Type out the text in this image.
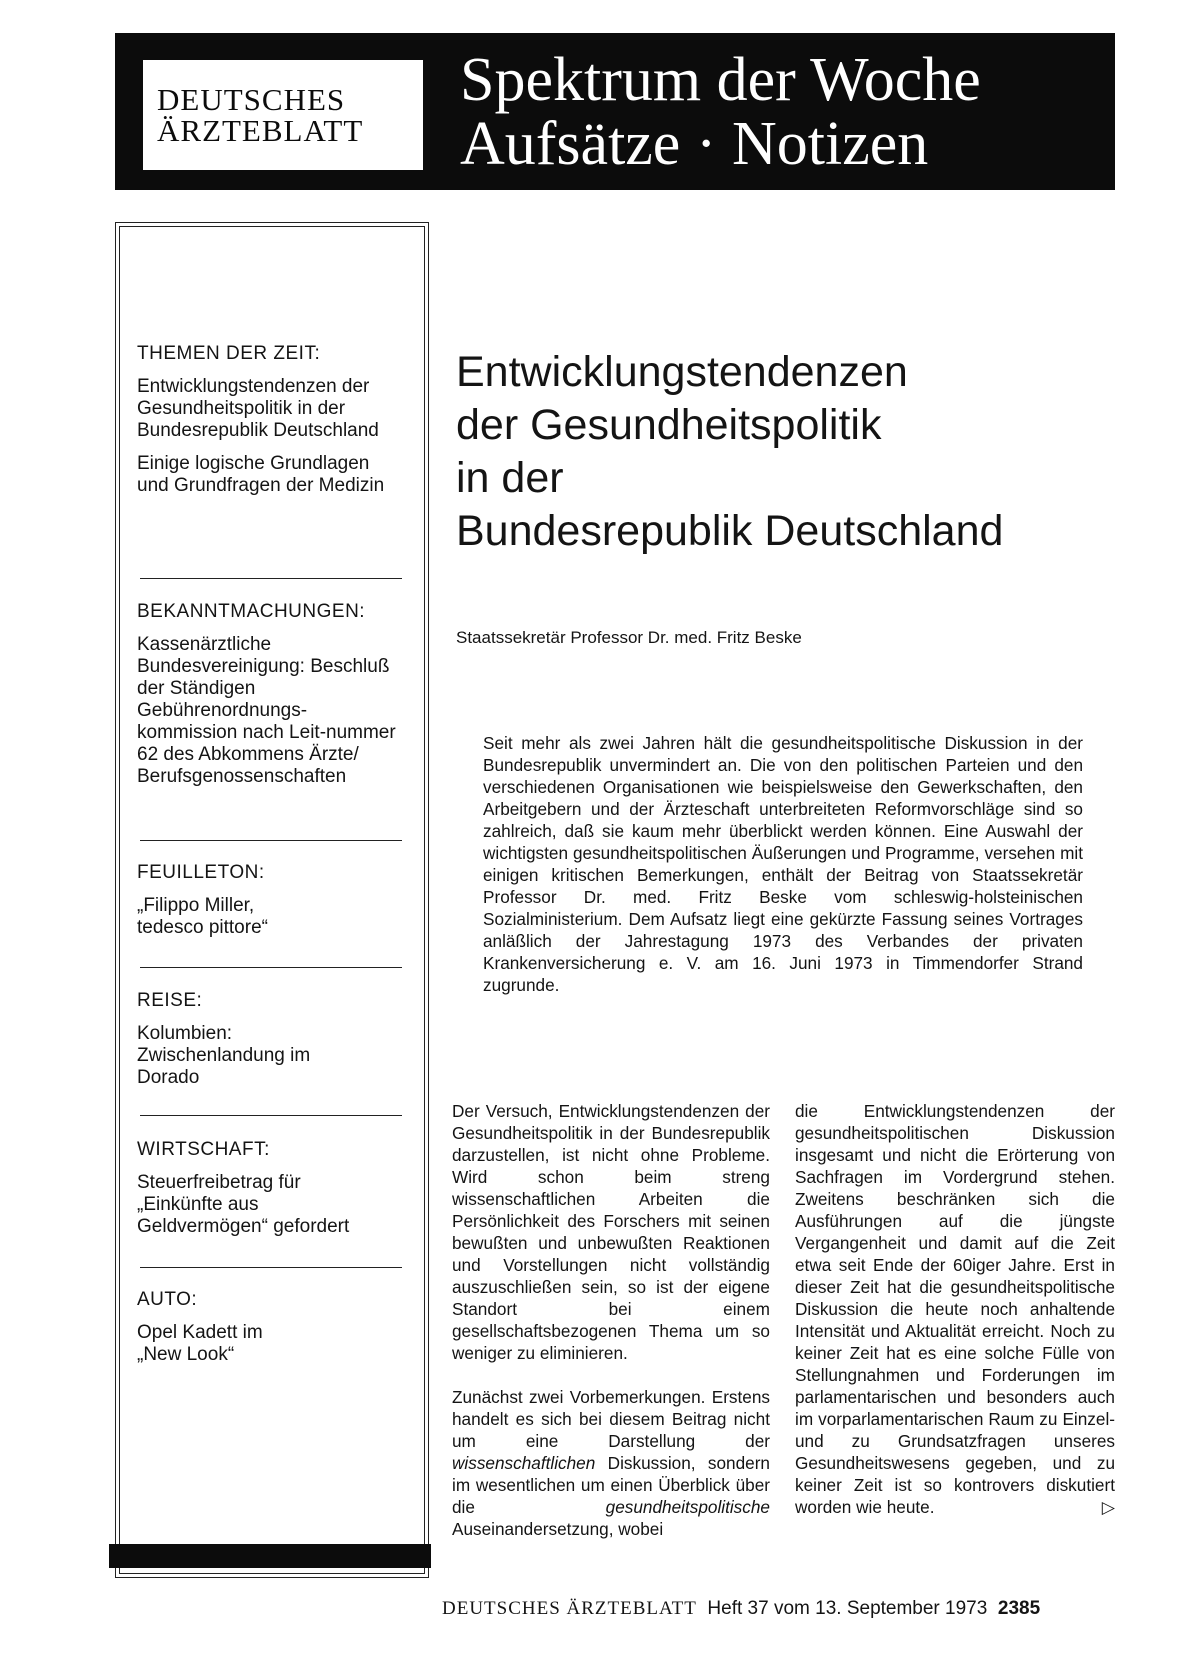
DEUTSCHES
ÄRZTEBLATT
Spektrum der Woche
Aufsätze · Notizen
THEMEN DER ZEIT:
Entwicklungstendenzen der Gesundheitspolitik in der Bundesrepublik Deutschland
Einige logische Grundlagen und Grundfragen der Medizin
BEKANNTMACHUNGEN:
Kassenärztliche Bundesvereinigung: Beschluß der Ständigen Gebührenordnungs-kommission nach Leit-nummer 62 des Abkommens Ärzte/ Berufsgenossenschaften
FEUILLETON:
„Filippo Miller, tedesco pittore“
REISE:
Kolumbien: Zwischenlandung im Dorado
WIRTSCHAFT:
Steuerfreibetrag für „Einkünfte aus Geldvermögen“ gefordert
AUTO:
Opel Kadett im „New Look“
Entwicklungstendenzen
der Gesundheitspolitik
in der
Bundesrepublik Deutschland
Staatssekretär Professor Dr. med. Fritz Beske
Seit mehr als zwei Jahren hält die gesundheitspolitische Diskussion in der Bundesrepublik unvermindert an. Die von den politischen Parteien und den verschiedenen Organisationen wie beispielsweise den Gewerkschaften, den Arbeitgebern und der Ärzteschaft unterbreiteten Reformvorschläge sind so zahlreich, daß sie kaum mehr überblickt werden können. Eine Auswahl der wichtigsten gesundheitspolitischen Äußerungen und Programme, versehen mit einigen kritischen Bemerkungen, enthält der Beitrag von Staatssekretär Professor Dr. med. Fritz Beske vom schleswig-holsteinischen Sozialministerium. Dem Aufsatz liegt eine gekürzte Fassung seines Vortrages anläßlich der Jahrestagung 1973 des Verbandes der privaten Krankenversicherung e. V. am 16. Juni 1973 in Timmendorfer Strand zugrunde.

Der Versuch, Entwicklungstendenzen der Gesundheitspolitik in der Bundesrepublik darzustellen, ist nicht ohne Probleme. Wird schon beim streng wissenschaftlichen Arbeiten die Persönlichkeit des Forschers mit seinen bewußten und unbewußten Reaktionen und Vorstellungen nicht vollständig auszuschließen sein, so ist der eigene Standort bei einem gesellschaftsbezogenen Thema um so weniger zu eliminieren.

Zunächst zwei Vorbemerkungen. Erstens handelt es sich bei diesem Beitrag nicht um eine Darstellung der wissenschaftlichen Diskussion, sondern im wesentlichen um einen Überblick über die gesundheitspolitische Auseinandersetzung, wobei

die Entwicklungstendenzen der gesundheitspolitischen Diskussion insgesamt und nicht die Erörterung von Sachfragen im Vordergrund stehen. Zweitens beschränken sich die Ausführungen auf die jüngste Vergangenheit und damit auf die Zeit etwa seit Ende der 60iger Jahre. Erst in dieser Zeit hat die gesundheitspolitische Diskussion die heute noch anhaltende Intensität und Aktualität erreicht. Noch zu keiner Zeit hat es eine solche Fülle von Stellungnahmen und Forderungen im parlamentarischen und besonders auch im vorparlamentarischen Raum zu Einzel- und zu Grundsatzfragen unseres Gesundheitswesens gegeben, und zu keiner Zeit ist so kontrovers diskutiert worden wie heute.	▷

DEUTSCHES ÄRZTEBLATT Heft 37 vom 13. September 1973 2385
